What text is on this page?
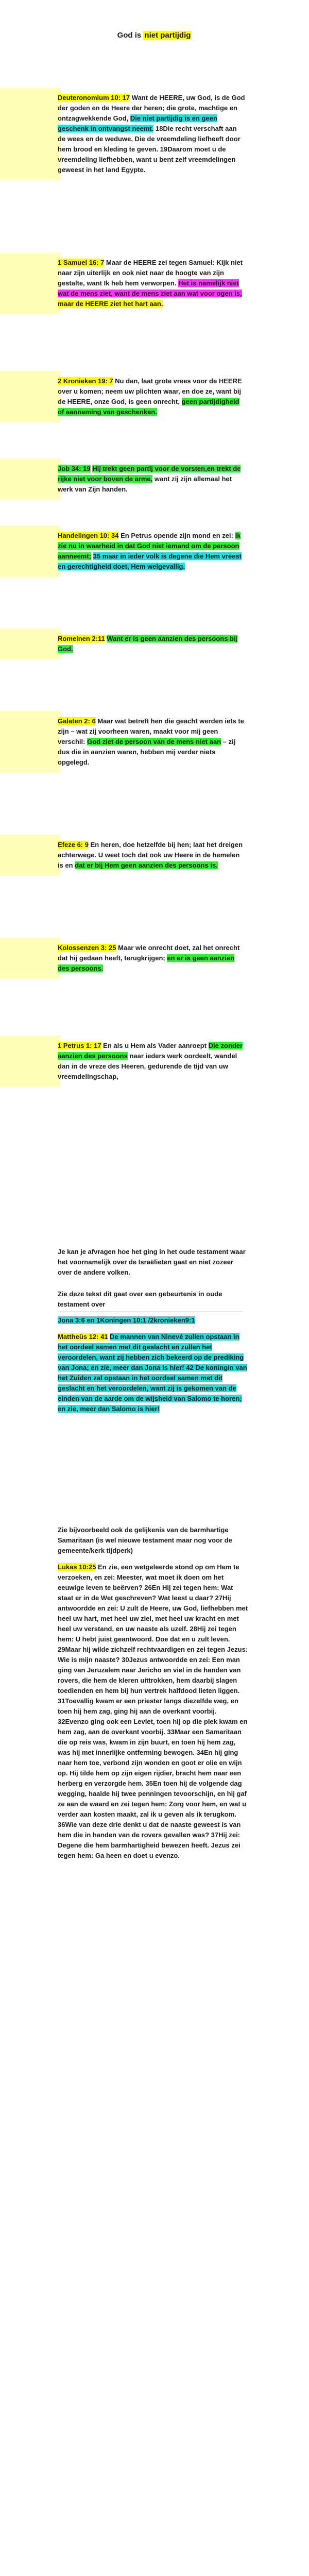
God is niet partijdig
Deuteronomium 10: 17 Want de HEERE, uw God, is de God der goden en de Heere der heren; die grote, machtige en ontzagwekkende God, Die niet partijdig is en geen geschenk in ontvangst neemt. 18Die recht verschaft aan de wees en de weduwe, Die de vreemdeling liefheeft door hem brood en kleding te geven. 19Daarom moet u de vreemdeling liefhebben, want u bent zelf vreemdelingen geweest in het land Egypte.
1 Samuel 16: 7 Maar de HEERE zei tegen Samuel: Kijk niet naar zijn uiterlijk en ook niet naar de hoogte van zijn gestalte, want Ik heb hem verworpen. Het is namelijk niet wat de mens ziet, want de mens ziet aan wat voor ogen is, maar de HEERE ziet het hart aan.
2 Kronieken 19: 7 Nu dan, laat grote vrees voor de HEERE over u komen; neem uw plichten waar, en doe ze, want bij de HEERE, onze God, is geen onrecht, geen partijdigheid of aanneming van geschenken.
Job 34: 19 Hij trekt geen partij voor de vorsten,en trekt de rijke niet voor boven de arme, want zij zijn allemaal het werk van Zijn handen.
Handelingen 10: 34 En Petrus opende zijn mond en zei: Ik zie nu in waarheid in dat God niet iemand om de persoon aanneemt; 35 maar in ieder volk is degene die Hem vreest en gerechtigheid doet, Hem welgevallig.
Romeinen 2:11 Want er is geen aanzien des persoons bij God.
Galaten 2: 6 Maar wat betreft hen die geacht werden iets te zijn – wat zij voorheen waren, maakt voor mij geen verschil: God ziet de persoon van de mens niet aan – zij dus die in aanzien waren, hebben mij verder niets opgelegd.
Efeze 6: 9 En heren, doe hetzelfde bij hen; laat het dreigen achterwege. U weet toch dat ook uw Heere in de hemelen is en dat er bij Hem geen aanzien des persoons is.
Kolossenzen 3: 25 Maar wie onrecht doet, zal het onrecht dat hij gedaan heeft, terugkrijgen; en er is geen aanzien des persoons.
1 Petrus 1: 17 En als u Hem als Vader aanroept Die zonder aanzien des persoons naar ieders werk oordeelt, wandel dan in de vreze des Heeren, gedurende de tijd van uw vreemdelingschap,
Je kan je afvragen hoe het ging in het oude testament waar het voornamelijk over de Israëlieten gaat en niet zozeer over de andere volken.
Zie deze tekst dit gaat over een gebeurtenis in oude testament over
Jona 3:6 en 1Koningen 10:1 /2kronieken9:1
Mattheüs 12: 41 De mannen van Ninevé zullen opstaan in het oordeel samen met dit geslacht en zullen het veroordelen, want zij hebben zich bekeerd op de prediking van Jona; en zie, meer dan Jona is hier! 42 De koningin van het Zuiden zal opstaan in het oordeel samen met dit geslacht en het veroordelen, want zij is gekomen van de einden van de aarde om de wijsheid van Salomo te horen; en zie, meer dan Salomo is hier!
Zie bijvoorbeeld ook de gelijkenis van de barmhartige Samaritaan (is wel nieuwe testament maar nog voor de gemeente/kerk tijdperk)
Lukas 10:25 En zie, een wetgeleerde stond op om Hem te verzoeken, en zei: Meester, wat moet ik doen om het eeuwige leven te beërven? 26En Hij zei tegen hem: Wat staat er in de Wet geschreven? Wat leest u daar? 27Hij antwoordde en zei: U zult de Heere, uw God, liefhebben met heel uw hart, met heel uw ziel, met heel uw kracht en met heel uw verstand, en uw naaste als uzelf. 28Hij zei tegen hem: U hebt juist geantwoord. Doe dat en u zult leven. 29Maar hij wilde zichzelf rechtvaardigen en zei tegen Jezus: Wie is mijn naaste? 30Jezus antwoordde en zei: Een man ging van Jeruzalem naar Jericho en viel in de handen van rovers, die hem de kleren uittrokken, hem daarbij slagen toedienden en hem bij hun vertrek halfdood lieten liggen. 31Toevallig kwam er een priester langs diezelfde weg, en toen hij hem zag, ging hij aan de overkant voorbij. 32Evenzo ging ook een Leviet, toen hij op die plek kwam en hem zag, aan de overkant voorbij. 33Maar een Samaritaan die op reis was, kwam in zijn buurt, en toen hij hem zag, was hij met innerlijke ontferming bewogen. 34En hij ging naar hem toe, verbond zijn wonden en goot er olie en wijn op. Hij tilde hem op zijn eigen rijdier, bracht hem naar een herberg en verzorgde hem. 35En toen hij de volgende dag wegging, haalde hij twee penningen tevoorschijn, en hij gaf ze aan de waard en zei tegen hem: Zorg voor hem, en wat u verder aan kosten maakt, zal ik u geven als ik terugkom. 36Wie van deze drie denkt u dat de naaste geweest is van hem die in handen van de rovers gevallen was? 37Hij zei: Degene die hem barmhartigheid bewezen heeft. Jezus zei tegen hem: Ga heen en doet u evenzo.
